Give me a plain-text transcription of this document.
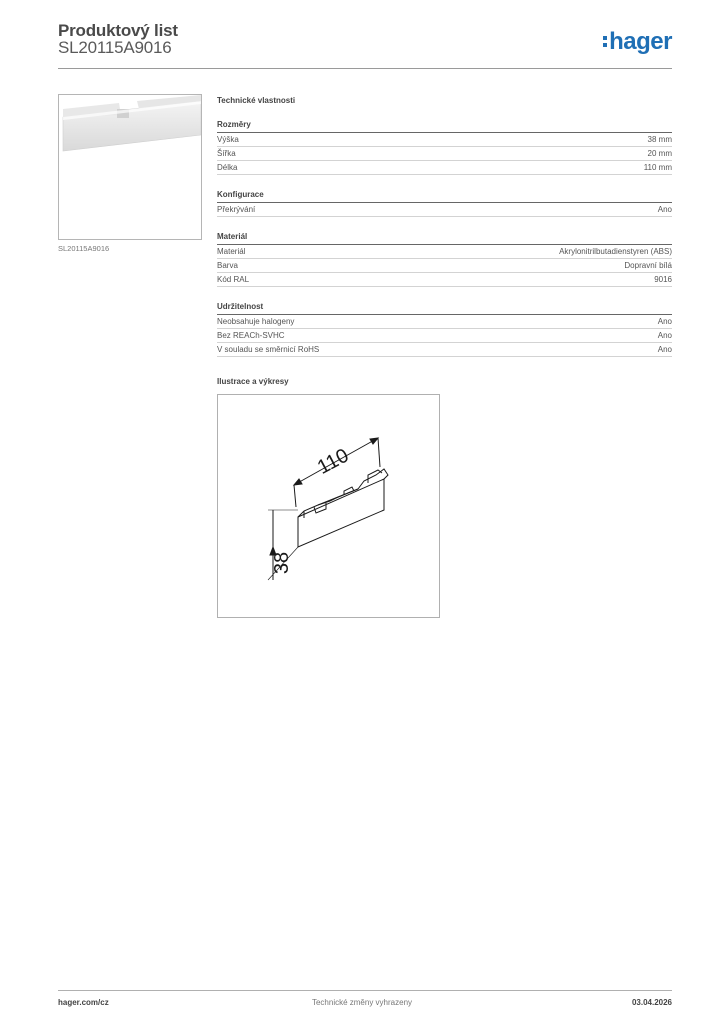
Produktový list
SL20115A9016	hager
SL20115A9016
Technické vlastnosti
Rozměry
Výška	38 mm
Šířka	20 mm
Délka	110 mm
Konfigurace
Překrývání	Ano
Materiál
Materiál	Akrylonitrilbutadienstyren (ABS)
Barva	Dopravní bílá
Kód RAL	9016
Udržitelnost
Neobsahuje halogeny	Ano
Bez REACh-SVHC	Ano
V souladu se směrnicí RoHS	Ano
Ilustrace a výkresy
110
38
hager.com/cz	Technické změny vyhrazeny	03.04.2026
